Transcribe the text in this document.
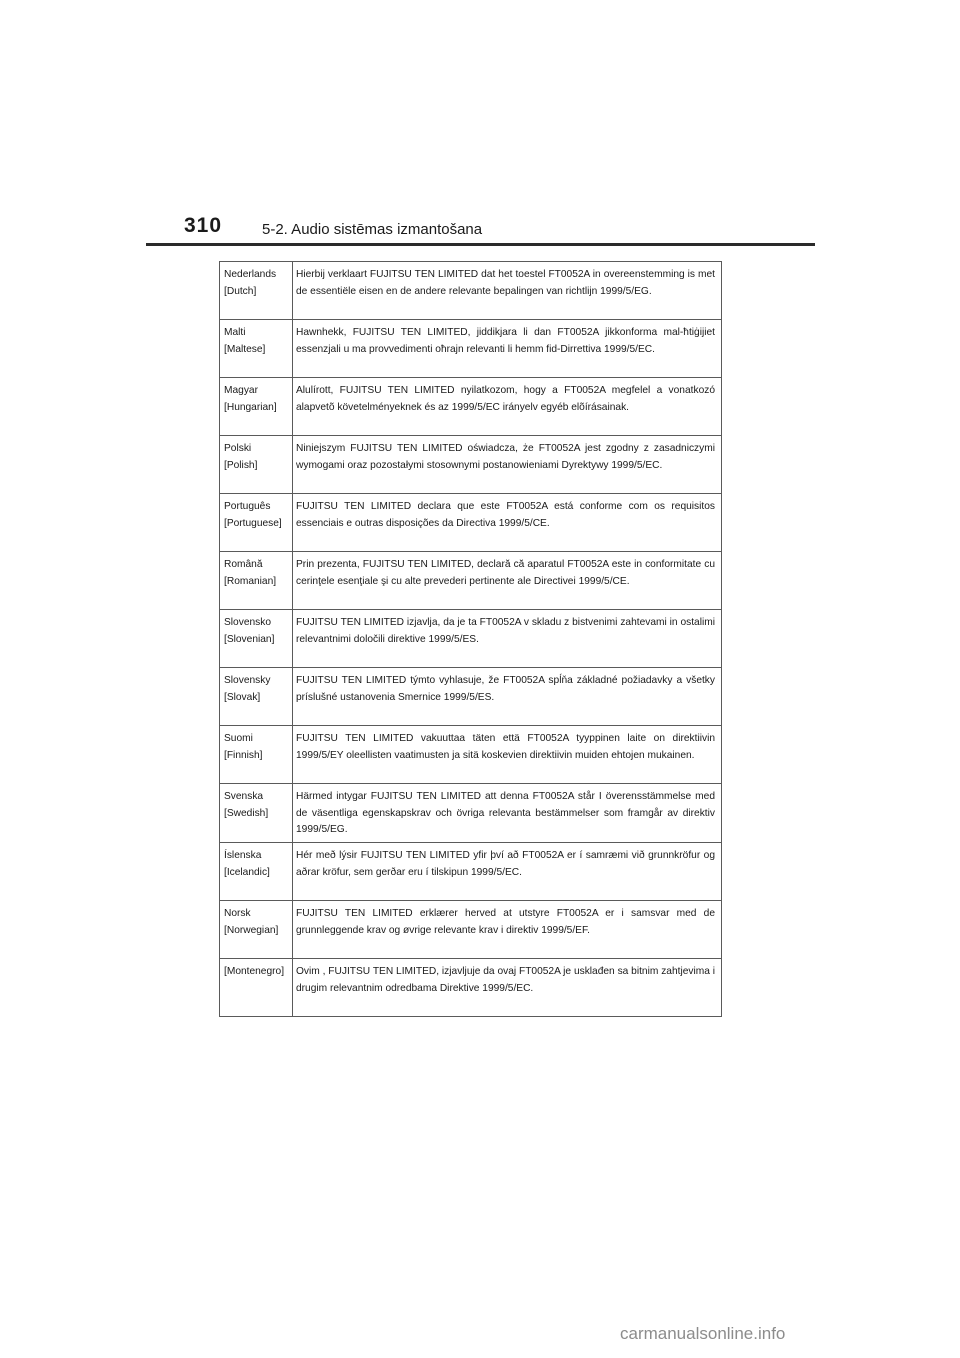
310	5-2. Audio sistēmas izmantošana
Nederlands
[Dutch]	Hierbij verklaart FUJITSU TEN LIMITED dat het toestel FT0052A in overeenstemming is met de essentiële eisen en de andere relevante bepalingen van richtlijn 1999/5/EG.

Malti
[Maltese]	Hawnhekk, FUJITSU TEN LIMITED, jiddikjara li dan FT0052A jikkonforma mal-ħtiġijiet essenzjali u ma provvedimenti oħrajn relevanti li hemm fid-Dirrettiva 1999/5/EC.

Magyar
[Hungarian]	Alulírott, FUJITSU TEN LIMITED nyilatkozom, hogy a FT0052A megfelel a vonatkozó alapvetõ követelményeknek és az 1999/5/EC irányelv egyéb elõírásainak.

Polski
[Polish]	Niniejszym FUJITSU TEN LIMITED oświadcza, że FT0052A jest zgodny z zasadniczymi wymogami oraz pozostałymi stosownymi postanowieniami Dyrektywy 1999/5/EC.

Português
[Portuguese]	FUJITSU TEN LIMITED declara que este FT0052A está conforme com os requisitos essenciais e outras disposições da Directiva 1999/5/CE.

Română
[Romanian]	Prin prezenta, FUJITSU TEN LIMITED, declară că aparatul FT0052A este in conformitate cu cerinţele esenţiale şi cu alte prevederi pertinente ale Directivei 1999/5/CE.

Slovensko
[Slovenian]	FUJITSU TEN LIMITED izjavlja, da je ta FT0052A v skladu z bistvenimi zahtevami in ostalimi relevantnimi določili direktive 1999/5/ES.

Slovensky
[Slovak]	FUJITSU TEN LIMITED týmto vyhlasuje, že FT0052A spĺňa základné požiadavky a všetky príslušné ustanovenia Smernice 1999/5/ES.

Suomi
[Finnish]	FUJITSU TEN LIMITED vakuuttaa täten että FT0052A tyyppinen laite on direktiivin 1999/5/EY oleellisten vaatimusten ja sitä koskevien direktiivin muiden ehtojen mukainen.

Svenska
[Swedish]	Härmed intygar FUJITSU TEN LIMITED att denna FT0052A står I överensstämmelse med de väsentliga egenskapskrav och övriga relevanta bestämmelser som framgår av direktiv 1999/5/EG.

Íslenska
[Icelandic]	Hér með lýsir FUJITSU TEN LIMITED yfir því að FT0052A er í samræmi við grunnkröfur og aðrar kröfur, sem gerðar eru í tilskipun 1999/5/EC.

Norsk
[Norwegian]	FUJITSU TEN LIMITED erklærer herved at utstyre FT0052A er i samsvar med de grunnleggende krav og øvrige relevante krav i direktiv 1999/5/EF.

[Montenegro]	Ovim , FUJITSU TEN LIMITED, izjavljuje da ovaj FT0052A je usklađen sa bitnim zahtjevima i drugim relevantnim odredbama Direktive 1999/5/EC.
carmanualsonline.info
